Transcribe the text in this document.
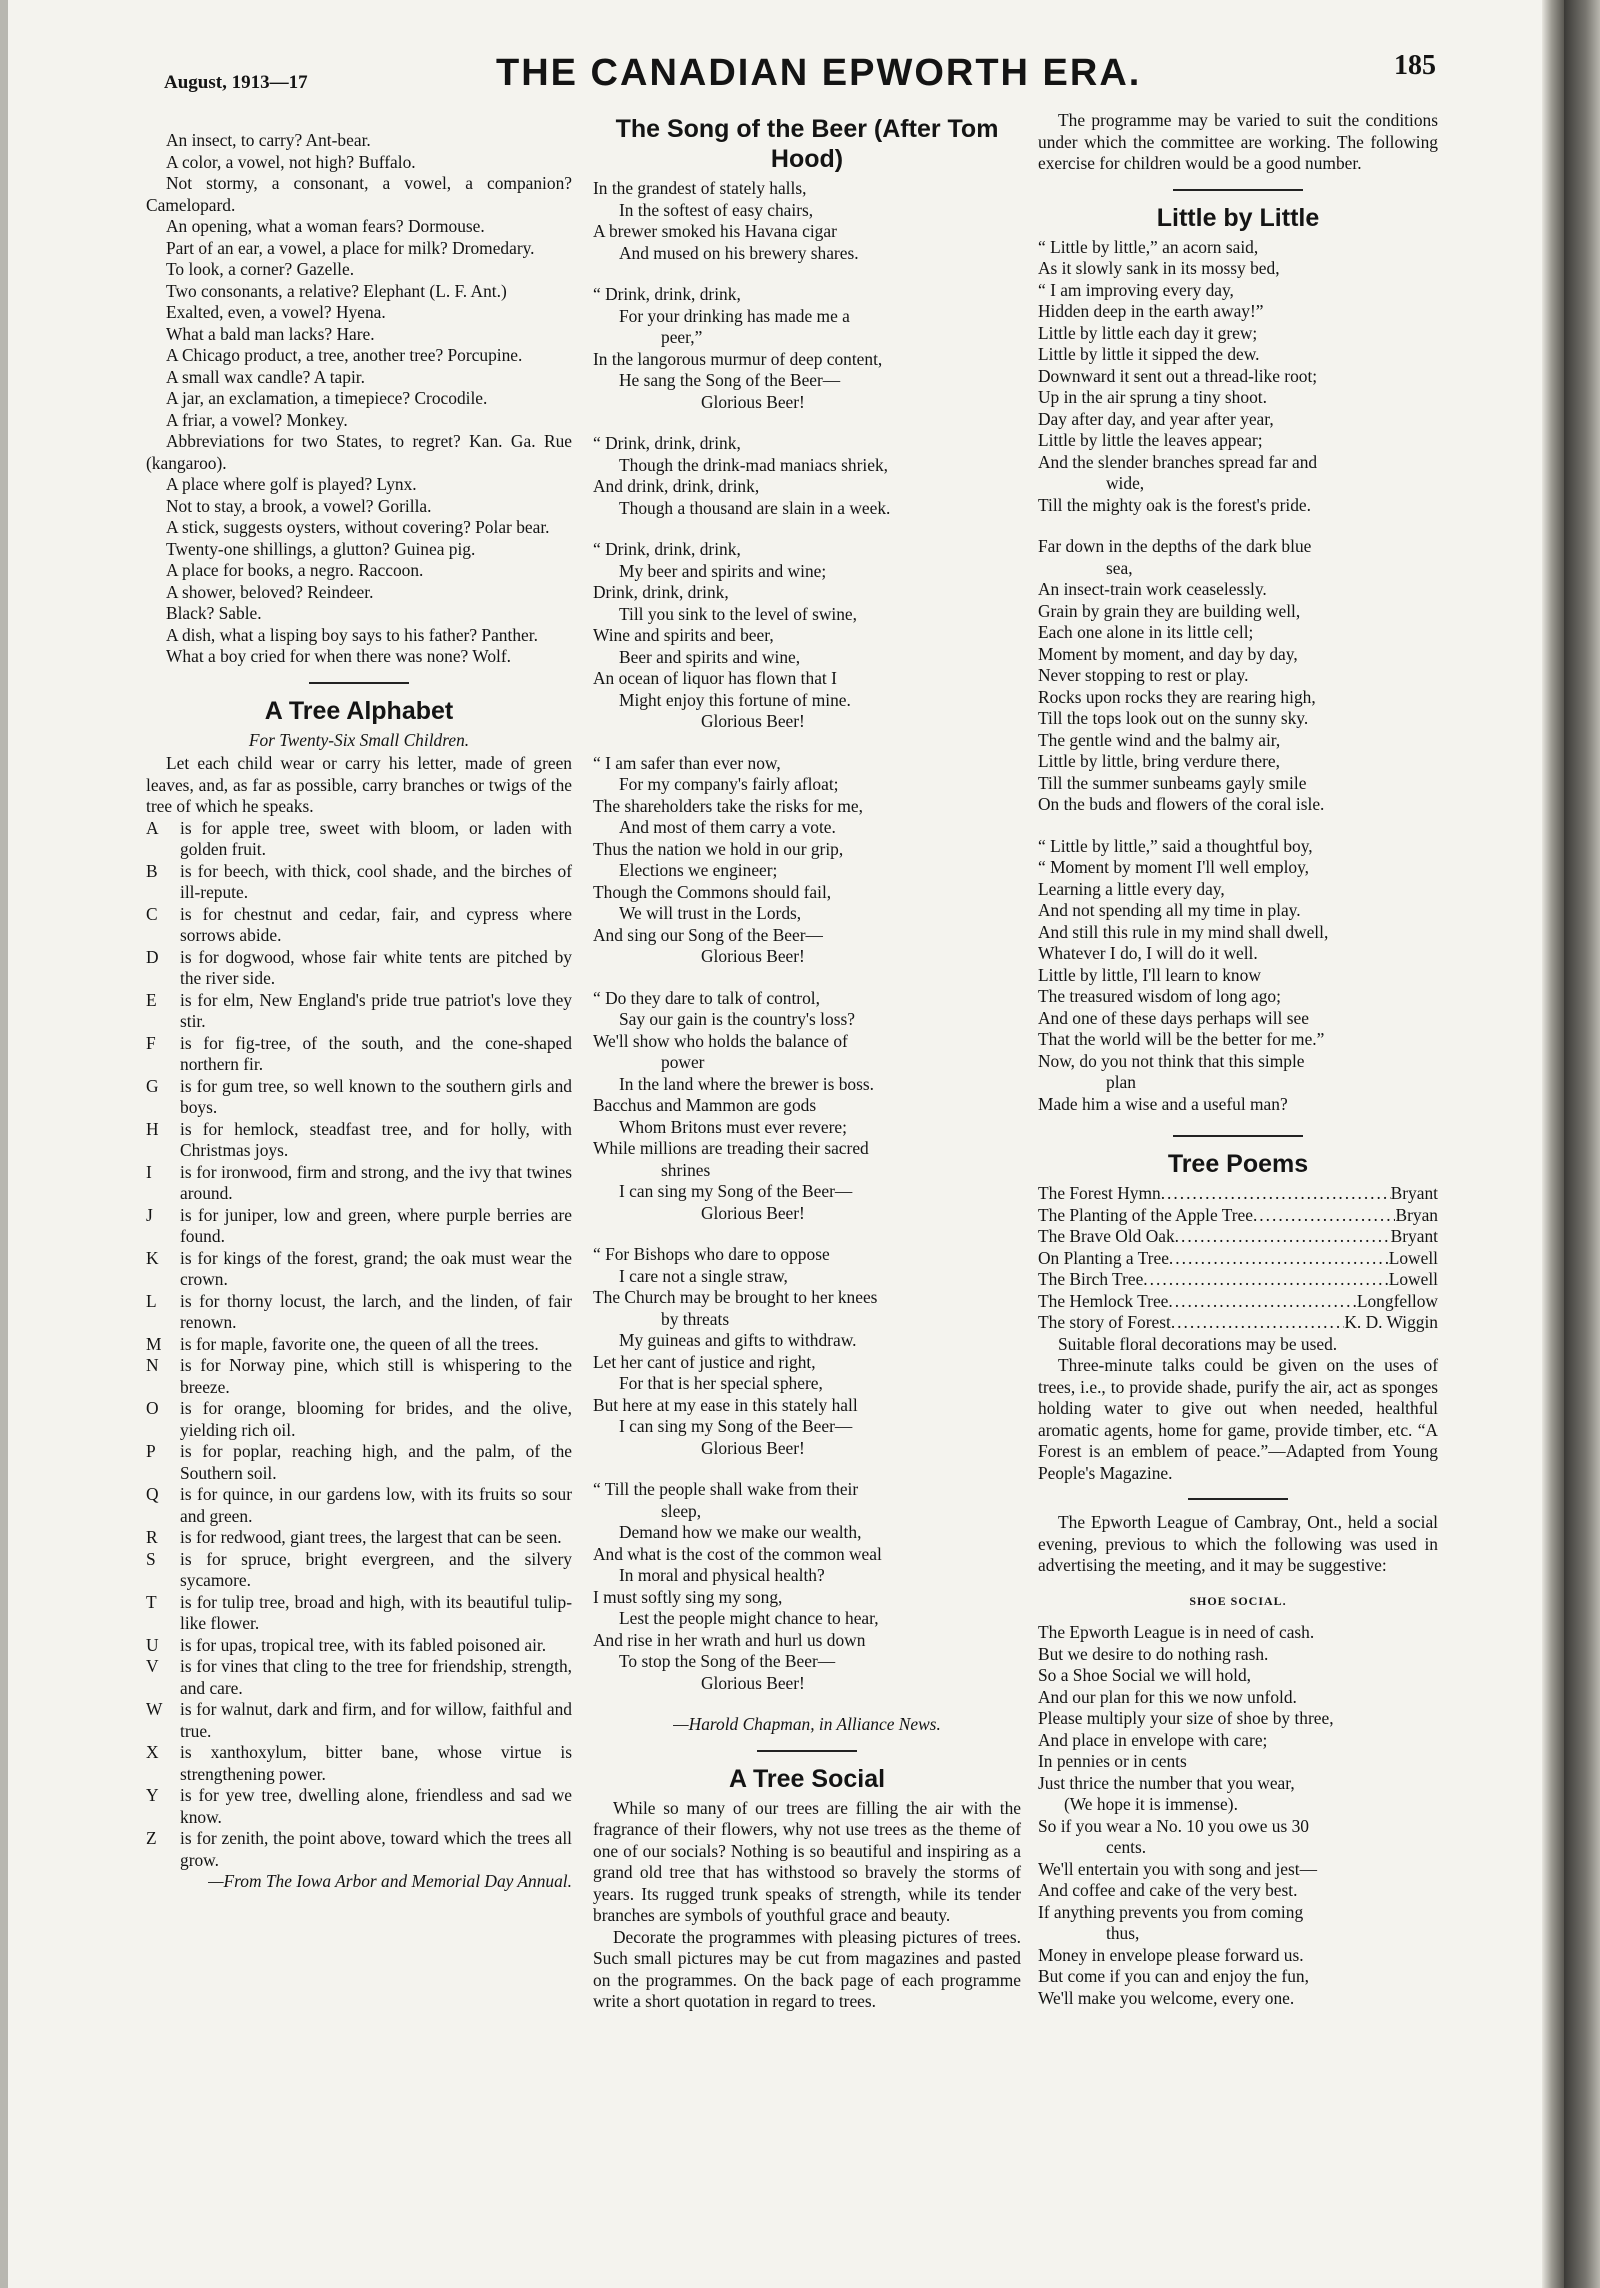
August, 1913—17	THE CANADIAN EPWORTH ERA.	185

An insect, to carry? Ant-bear.

A color, a vowel, not high? Buffalo.

Not stormy, a consonant, a vowel, a companion? Camelopard.

An opening, what a woman fears? Dormouse.

Part of an ear, a vowel, a place for milk? Dromedary.

To look, a corner? Gazelle.

Two consonants, a relative? Elephant (L. F. Ant.)

Exalted, even, a vowel? Hyena.

What a bald man lacks? Hare.

A Chicago product, a tree, another tree? Porcupine.

A small wax candle? A tapir.

A jar, an exclamation, a timepiece? Crocodile.

A friar, a vowel? Monkey.

Abbreviations for two States, to regret? Kan. Ga. Rue (kangaroo).

A place where golf is played? Lynx.

Not to stay, a brook, a vowel? Gorilla.

A stick, suggests oysters, without covering? Polar bear.

Twenty-one shillings, a glutton? Guinea pig.

A place for books, a negro. Raccoon.

A shower, beloved? Reindeer.

Black? Sable.

A dish, what a lisping boy says to his father? Panther.

What a boy cried for when there was none? Wolf.

A Tree Alphabet
For Twenty-Six Small Children.

Let each child wear or carry his letter, made of green leaves, and, as far as possible, carry branches or twigs of the tree of which he speaks.

A	is for apple tree, sweet with bloom, or laden with golden fruit.
B	is for beech, with thick, cool shade, and the birches of ill-repute.
C	is for chestnut and cedar, fair, and cypress where sorrows abide.
D	is for dogwood, whose fair white tents are pitched by the river side.
E	is for elm, New England's pride true patriot's love they stir.
F	is for fig-tree, of the south, and the cone-shaped northern fir.
G	is for gum tree, so well known to the southern girls and boys.
H	is for hemlock, steadfast tree, and for holly, with Christmas joys.
I	is for ironwood, firm and strong, and the ivy that twines around.
J	is for juniper, low and green, where purple berries are found.
K	is for kings of the forest, grand; the oak must wear the crown.
L	is for thorny locust, the larch, and the linden, of fair renown.
M	is for maple, favorite one, the queen of all the trees.
N	is for Norway pine, which still is whispering to the breeze.
O	is for orange, blooming for brides, and the olive, yielding rich oil.
P	is for poplar, reaching high, and the palm, of the Southern soil.
Q	is for quince, in our gardens low, with its fruits so sour and green.
R	is for redwood, giant trees, the largest that can be seen.
S	is for spruce, bright evergreen, and the silvery sycamore.
T	is for tulip tree, broad and high, with its beautiful tulip-like flower.
U	is for upas, tropical tree, with its fabled poisoned air.
V	is for vines that cling to the tree for friendship, strength, and care.
W	is for walnut, dark and firm, and for willow, faithful and true.
X	is xanthoxylum, bitter bane, whose virtue is strengthening power.
Y	is for yew tree, dwelling alone, friendless and sad we know.
Z	is for zenith, the point above, toward which the trees all grow.

—From The Iowa Arbor and Memorial Day Annual.

The Song of the Beer (After Tom Hood)
In the grandest of stately halls,
In the softest of easy chairs,
A brewer smoked his Havana cigar
And mused on his brewery shares.
“ Drink, drink, drink,
For your drinking has made me a
peer,”
In the langorous murmur of deep content,
He sang the Song of the Beer—
Glorious Beer!
“ Drink, drink, drink,
Though the drink-mad maniacs shriek,
And drink, drink, drink,
Though a thousand are slain in a week.
“ Drink, drink, drink,
My beer and spirits and wine;
Drink, drink, drink,
Till you sink to the level of swine,
Wine and spirits and beer,
Beer and spirits and wine,
An ocean of liquor has flown that I
Might enjoy this fortune of mine.
Glorious Beer!
“ I am safer than ever now,
For my company's fairly afloat;
The shareholders take the risks for me,
And most of them carry a vote.
Thus the nation we hold in our grip,
Elections we engineer;
Though the Commons should fail,
We will trust in the Lords,
And sing our Song of the Beer—
Glorious Beer!
“ Do they dare to talk of control,
Say our gain is the country's loss?
We'll show who holds the balance of
power
In the land where the brewer is boss.
Bacchus and Mammon are gods
Whom Britons must ever revere;
While millions are treading their sacred
shrines
I can sing my Song of the Beer—
Glorious Beer!
“ For Bishops who dare to oppose
I care not a single straw,
The Church may be brought to her knees
by threats
My guineas and gifts to withdraw.
Let her cant of justice and right,
For that is her special sphere,
But here at my ease in this stately hall
I can sing my Song of the Beer—
Glorious Beer!
“ Till the people shall wake from their
sleep,
Demand how we make our wealth,
And what is the cost of the common weal
In moral and physical health?
I must softly sing my song,
Lest the people might chance to hear,
And rise in her wrath and hurl us down
To stop the Song of the Beer—
Glorious Beer!
—Harold Chapman, in Alliance News.
A Tree Social

While so many of our trees are filling the air with the fragrance of their flowers, why not use trees as the theme of one of our socials? Nothing is so beautiful and inspiring as a grand old tree that has withstood so bravely the storms of years. Its rugged trunk speaks of strength, while its tender branches are symbols of youthful grace and beauty.

Decorate the programmes with pleasing pictures of trees. Such small pictures may be cut from magazines and pasted on the programmes. On the back page of each programme write a short quotation in regard to trees.

The programme may be varied to suit the conditions under which the committee are working. The following exercise for children would be a good number.

Little by Little
“ Little by little,” an acorn said,
As it slowly sank in its mossy bed,
“ I am improving every day,
Hidden deep in the earth away!”
Little by little each day it grew;
Little by little it sipped the dew.
Downward it sent out a thread-like root;
Up in the air sprung a tiny shoot.
Day after day, and year after year,
Little by little the leaves appear;
And the slender branches spread far and
wide,
Till the mighty oak is the forest's pride.
Far down in the depths of the dark blue
sea,
An insect-train work ceaselessly.
Grain by grain they are building well,
Each one alone in its little cell;
Moment by moment, and day by day,
Never stopping to rest or play.
Rocks upon rocks they are rearing high,
Till the tops look out on the sunny sky.
The gentle wind and the balmy air,
Little by little, bring verdure there,
Till the summer sunbeams gayly smile
On the buds and flowers of the coral isle.
“ Little by little,” said a thoughtful boy,
“ Moment by moment I'll well employ,
Learning a little every day,
And not spending all my time in play.
And still this rule in my mind shall dwell,
Whatever I do, I will do it well.
Little by little, I'll learn to know
The treasured wisdom of long ago;
And one of these days perhaps will see
That the world will be the better for me.”
Now, do you not think that this simple
plan
Made him a wise and a useful man?
Tree Poems
The Forest Hymn .....	Bryant
The Planting of the Apple Tree .....	Bryan
The Brave Old Oak .....	Bryant
On Planting a Tree .....	Lowell
The Birch Tree .....	Lowell
The Hemlock Tree .....	Longfellow
The story of Forest .....	K. D. Wiggin

Suitable floral decorations may be used.

Three-minute talks could be given on the uses of trees, i.e., to provide shade, purify the air, act as sponges holding water to give out when needed, healthful aromatic agents, home for game, provide timber, etc. “A Forest is an emblem of peace.”—Adapted from Young People's Magazine.

The Epworth League of Cambray, Ont., held a social evening, previous to which the following was used in advertising the meeting, and it may be suggestive:

SHOE SOCIAL.
The Epworth League is in need of cash.
But we desire to do nothing rash.
So a Shoe Social we will hold,
And our plan for this we now unfold.
Please multiply your size of shoe by three,
And place in envelope with care;
In pennies or in cents
Just thrice the number that you wear,
(We hope it is immense).
So if you wear a No. 10 you owe us 30
cents.
We'll entertain you with song and jest—
And coffee and cake of the very best.
If anything prevents you from coming
thus,
Money in envelope please forward us.
But come if you can and enjoy the fun,
We'll make you welcome, every one.
